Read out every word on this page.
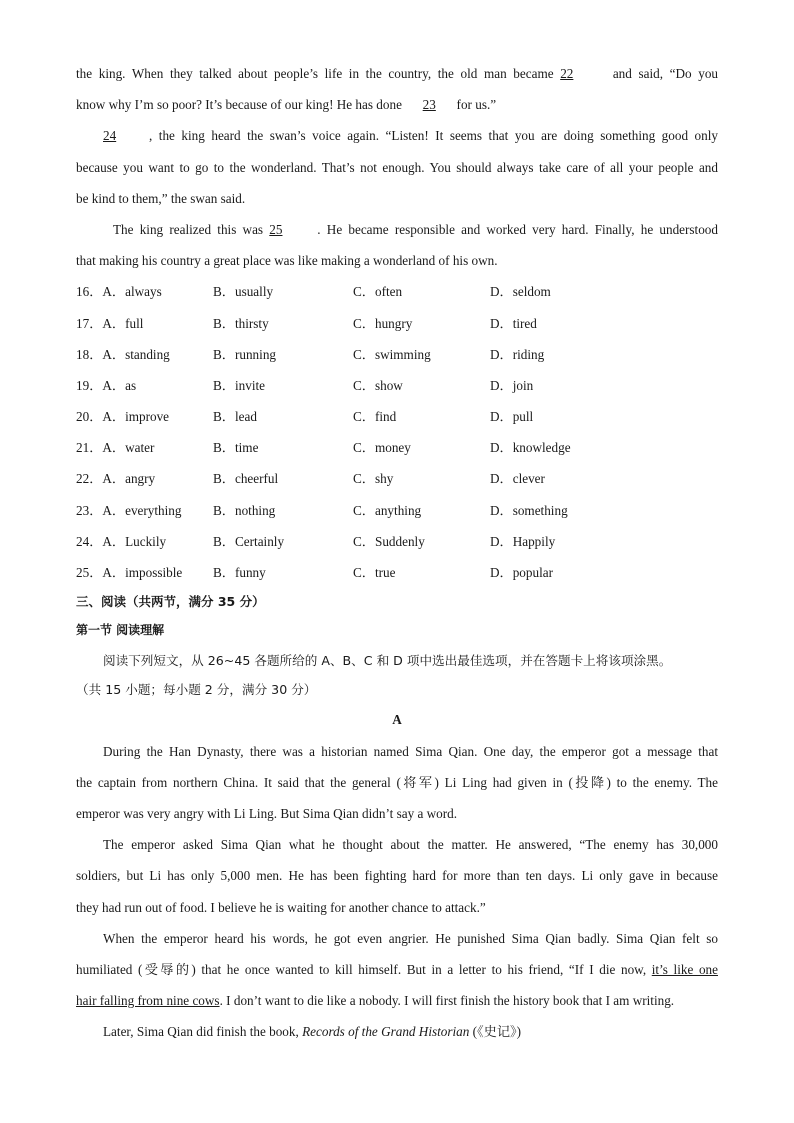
the king. When they talked about people’s life in the country, the old man became 22	and said, “Do you
know why I’m so poor? It’s because of our king! He has done 23 for us.”
24 , the king heard the swan’s voice again. “Listen! It seems that you are doing something good only
because you want to go to the wonderland. That’s not enough. You should always take care of all your people and
be kind to them,” the swan said.
The king realized this was 25	. He became responsible and worked very hard. Finally, he understood
that making his country a great place was like making a wonderland of his own.
16．A．always	B．usually	C．often	D．seldom
17．A．full	B．thirsty	C．hungry	D．tired
18．A．standing	B．running	C．swimming	D．riding
19．A．as	B．invite	C．show	D．join
20．A．improve	B．lead	C．find	D．pull
21．A．water	B．time	C．money	D．knowledge
22．A．angry	B．cheerful	C．shy	D．clever
23．A．everything B．nothing	C．anything	D．something
24．A．Luckily	B．Certainly	C．Suddenly	D．Happily
25．A．impossible B．funny	C．true	D．popular
三、阅读（共两节，满分 35 分）
第一节 阅读理解
阅读下列短文，从 26~45 各题所给的 A、B、C 和 D 项中选出最佳选项，并在答题卡上将该项涂黑。
（共 15 小题；每小题 2 分，满分 30 分）
A
During the Han Dynasty, there was a historian named Sima Qian. One day, the emperor got a message that
the captain from northern China. It said that the general (将军) Li Ling had given in (投降) to the enemy. The
emperor was very angry with Li Ling. But Sima Qian didn’t say a word.
The emperor asked Sima Qian what he thought about the matter. He answered, “The enemy has 30,000
soldiers, but Li has only 5,000 men. He has been fighting hard for more than ten days. Li only gave in because
they had run out of food. I believe he is waiting for another chance to attack.”
When the emperor heard his words, he got even angrier. He punished Sima Qian badly. Sima Qian felt so
humiliated (受辱的) that he once wanted to kill himself. But in a letter to his friend, “If I die now, it’s like one
hair falling from nine cows. I don’t want to die like a nobody. I will first finish the history book that I am writing.
Later, Sima Qian did finish the book, Records of the Grand Historian (《史记》)
